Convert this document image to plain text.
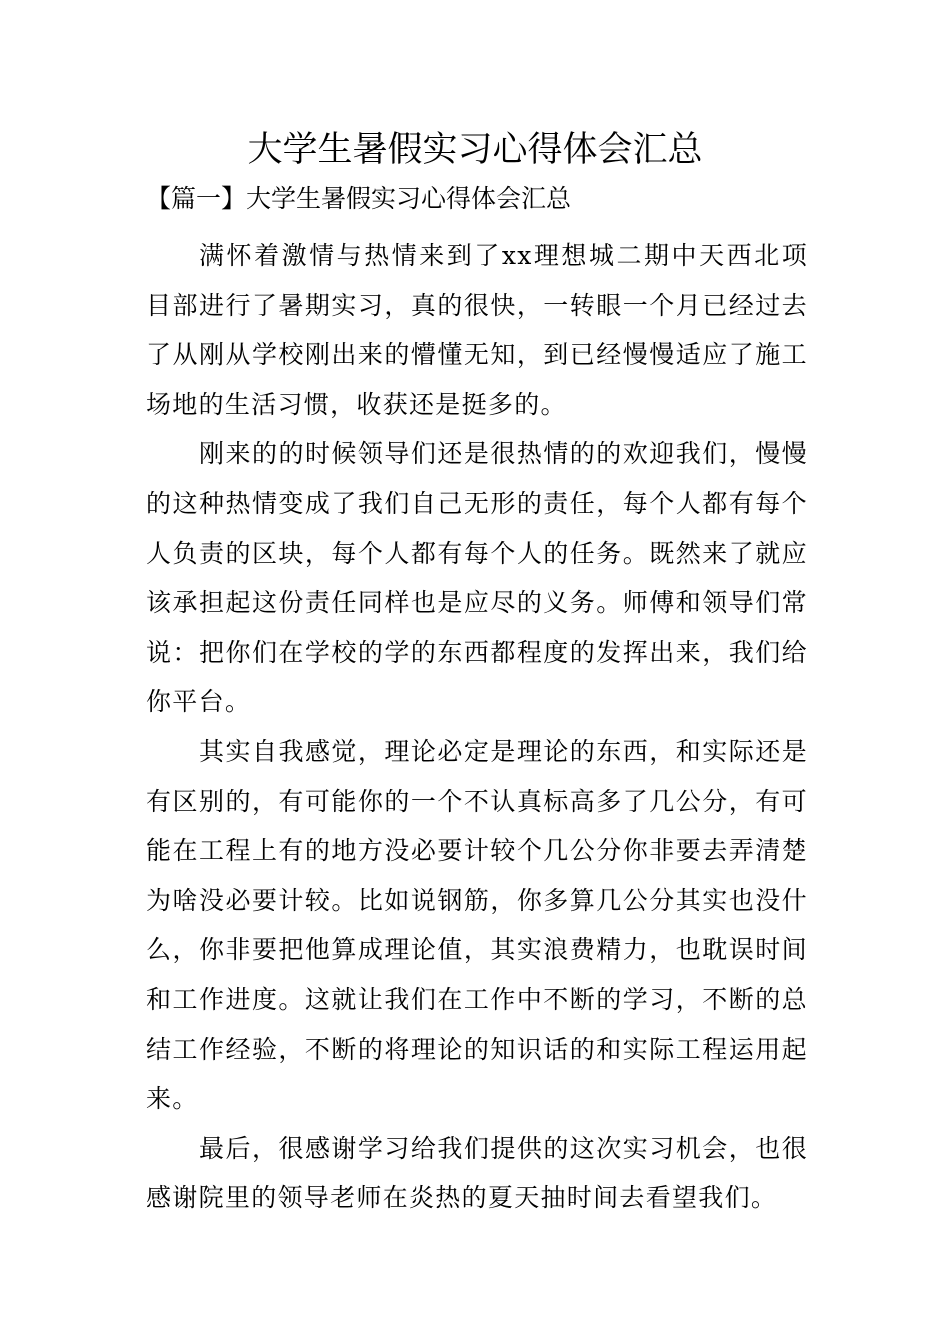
大学生暑假实习心得体会汇总
【篇一】大学生暑假实习心得体会汇总

满怀着激情与热情来到了xx理想城二期中天西北项目部进行了暑期实习，真的很快，一转眼一个月已经过去了从刚从学校刚出来的懵懂无知，到已经慢慢适应了施工场地的生活习惯，收获还是挺多的。

刚来的的时候领导们还是很热情的的欢迎我们，慢慢的这种热情变成了我们自己无形的责任，每个人都有每个人负责的区块，每个人都有每个人的任务。既然来了就应该承担起这份责任同样也是应尽的义务。师傅和领导们常说：把你们在学校的学的东西都程度的发挥出来，我们给你平台。

其实自我感觉，理论必定是理论的东西，和实际还是有区别的，有可能你的一个不认真标高多了几公分，有可能在工程上有的地方没必要计较个几公分你非要去弄清楚为啥没必要计较。比如说钢筋，你多算几公分其实也没什么，你非要把他算成理论值，其实浪费精力，也耽误时间和工作进度。这就让我们在工作中不断的学习，不断的总结工作经验，不断的将理论的知识话的和实际工程运用起来。

最后，很感谢学习给我们提供的这次实习机会，也很感谢院里的领导老师在炎热的夏天抽时间去看望我们。
